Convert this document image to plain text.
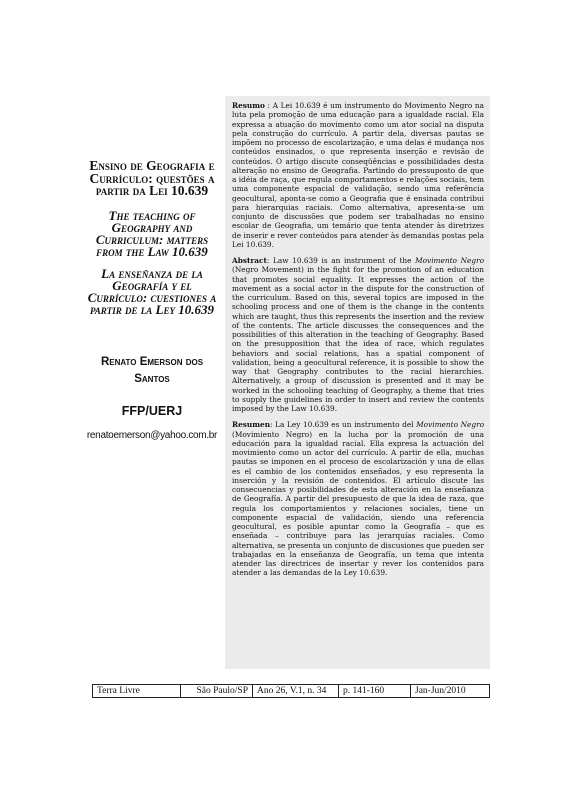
Ensino de Geografia e Currículo: questões a partir da Lei 10.639

The teaching of Geography and Curriculum: matters from the Law 10.639

La enseñanza de la Geografía y el Currículo: cuestiones a partir de la Ley 10.639

Renato Emerson dos Santos

FFP/UERJ

renatoemerson@yahoo.com.br

Resumo : A Lei 10.639 é um instrumento do Movimento Negro na luta pela promoção de uma educação para a igualdade racial. Ela expressa a atuação do movimento como um ator social na disputa pela construção do currículo. A partir dela, diversas pautas se impõem no processo de escolarização, e uma delas é mudança nos conteúdos ensinados, o que representa inserção e revisão de conteúdos. O artigo discute conseqüências e possibilidades desta alteração no ensino de Geografia. Partindo do pressuposto de que a idéia de raça, que regula comportamentos e relações sociais, tem uma componente espacial de validação, sendo uma referência geocultural, aponta-se como a Geografia que é ensinada contribui para hierarquias raciais. Como alternativa, apresenta-se um conjunto de discussões que podem ser trabalhadas no ensino escolar de Geografia, um temário que tenta atender às diretrizes de inserir e rever conteúdos para atender às demandas postas pela Lei 10.639.

Abstract: Law 10.639 is an instrument of the Movimento Negro (Negro Movement) in the fight for the promotion of an education that promotes social equality. It expresses the action of the movement as a social actor in the dispute for the construction of the curriculum. Based on this, several topics are imposed in the schooling process and one of them is the change in the contents which are taught, thus this represents the insertion and the review of the contents. The article discusses the consequences and the possibilities of this alteration in the teaching of Geography. Based on the presupposition that the idea of race, which regulates behaviors and social relations, has a spatial component of validation, being a geocultural reference, it is possible to show the way that Geography contributes to the racial hierarchies. Alternatively, a group of discussion is presented and it may be worked in the schooling teaching of Geography, a theme that tries to supply the guidelines in order to insert and review the contents imposed by the Law 10.639.

Resumen: La Ley 10.639 es un instrumento del Movimento Negro (Movimiento Negro) en la lucha por la promoción de una educación para la igualdad racial. Ella expresa la actuación del movimiento como un actor del currículo. A partir de ella, muchas pautas se imponen en el proceso de escolarización y una de ellas es el cambio de los contenidos enseñados, y eso representa la inserción y la revisión de contenidos. El artículo discute las consecuencias y posibilidades de esta alteración en la enseñanza de Geografía. A partir del presupuesto de que la idea de raza, que regula los comportamientos y relaciones sociales, tiene un componente espacial de validación, siendo una referencia geocultural, es posible apuntar como la Geografía – que es enseñada – contribuye para las jerarquías raciales. Como alternativa, se presenta un conjunto de discusiones que pueden ser trabajadas en la enseñanza de Geografía, un tema que intenta atender las directrices de insertar y rever los contenidos para atender a las demandas de la Ley 10.639.

Terra Livre	São Paulo/SP Ano 26, V.1, n. 34	p. 141-160	Jan-Jun/2010
